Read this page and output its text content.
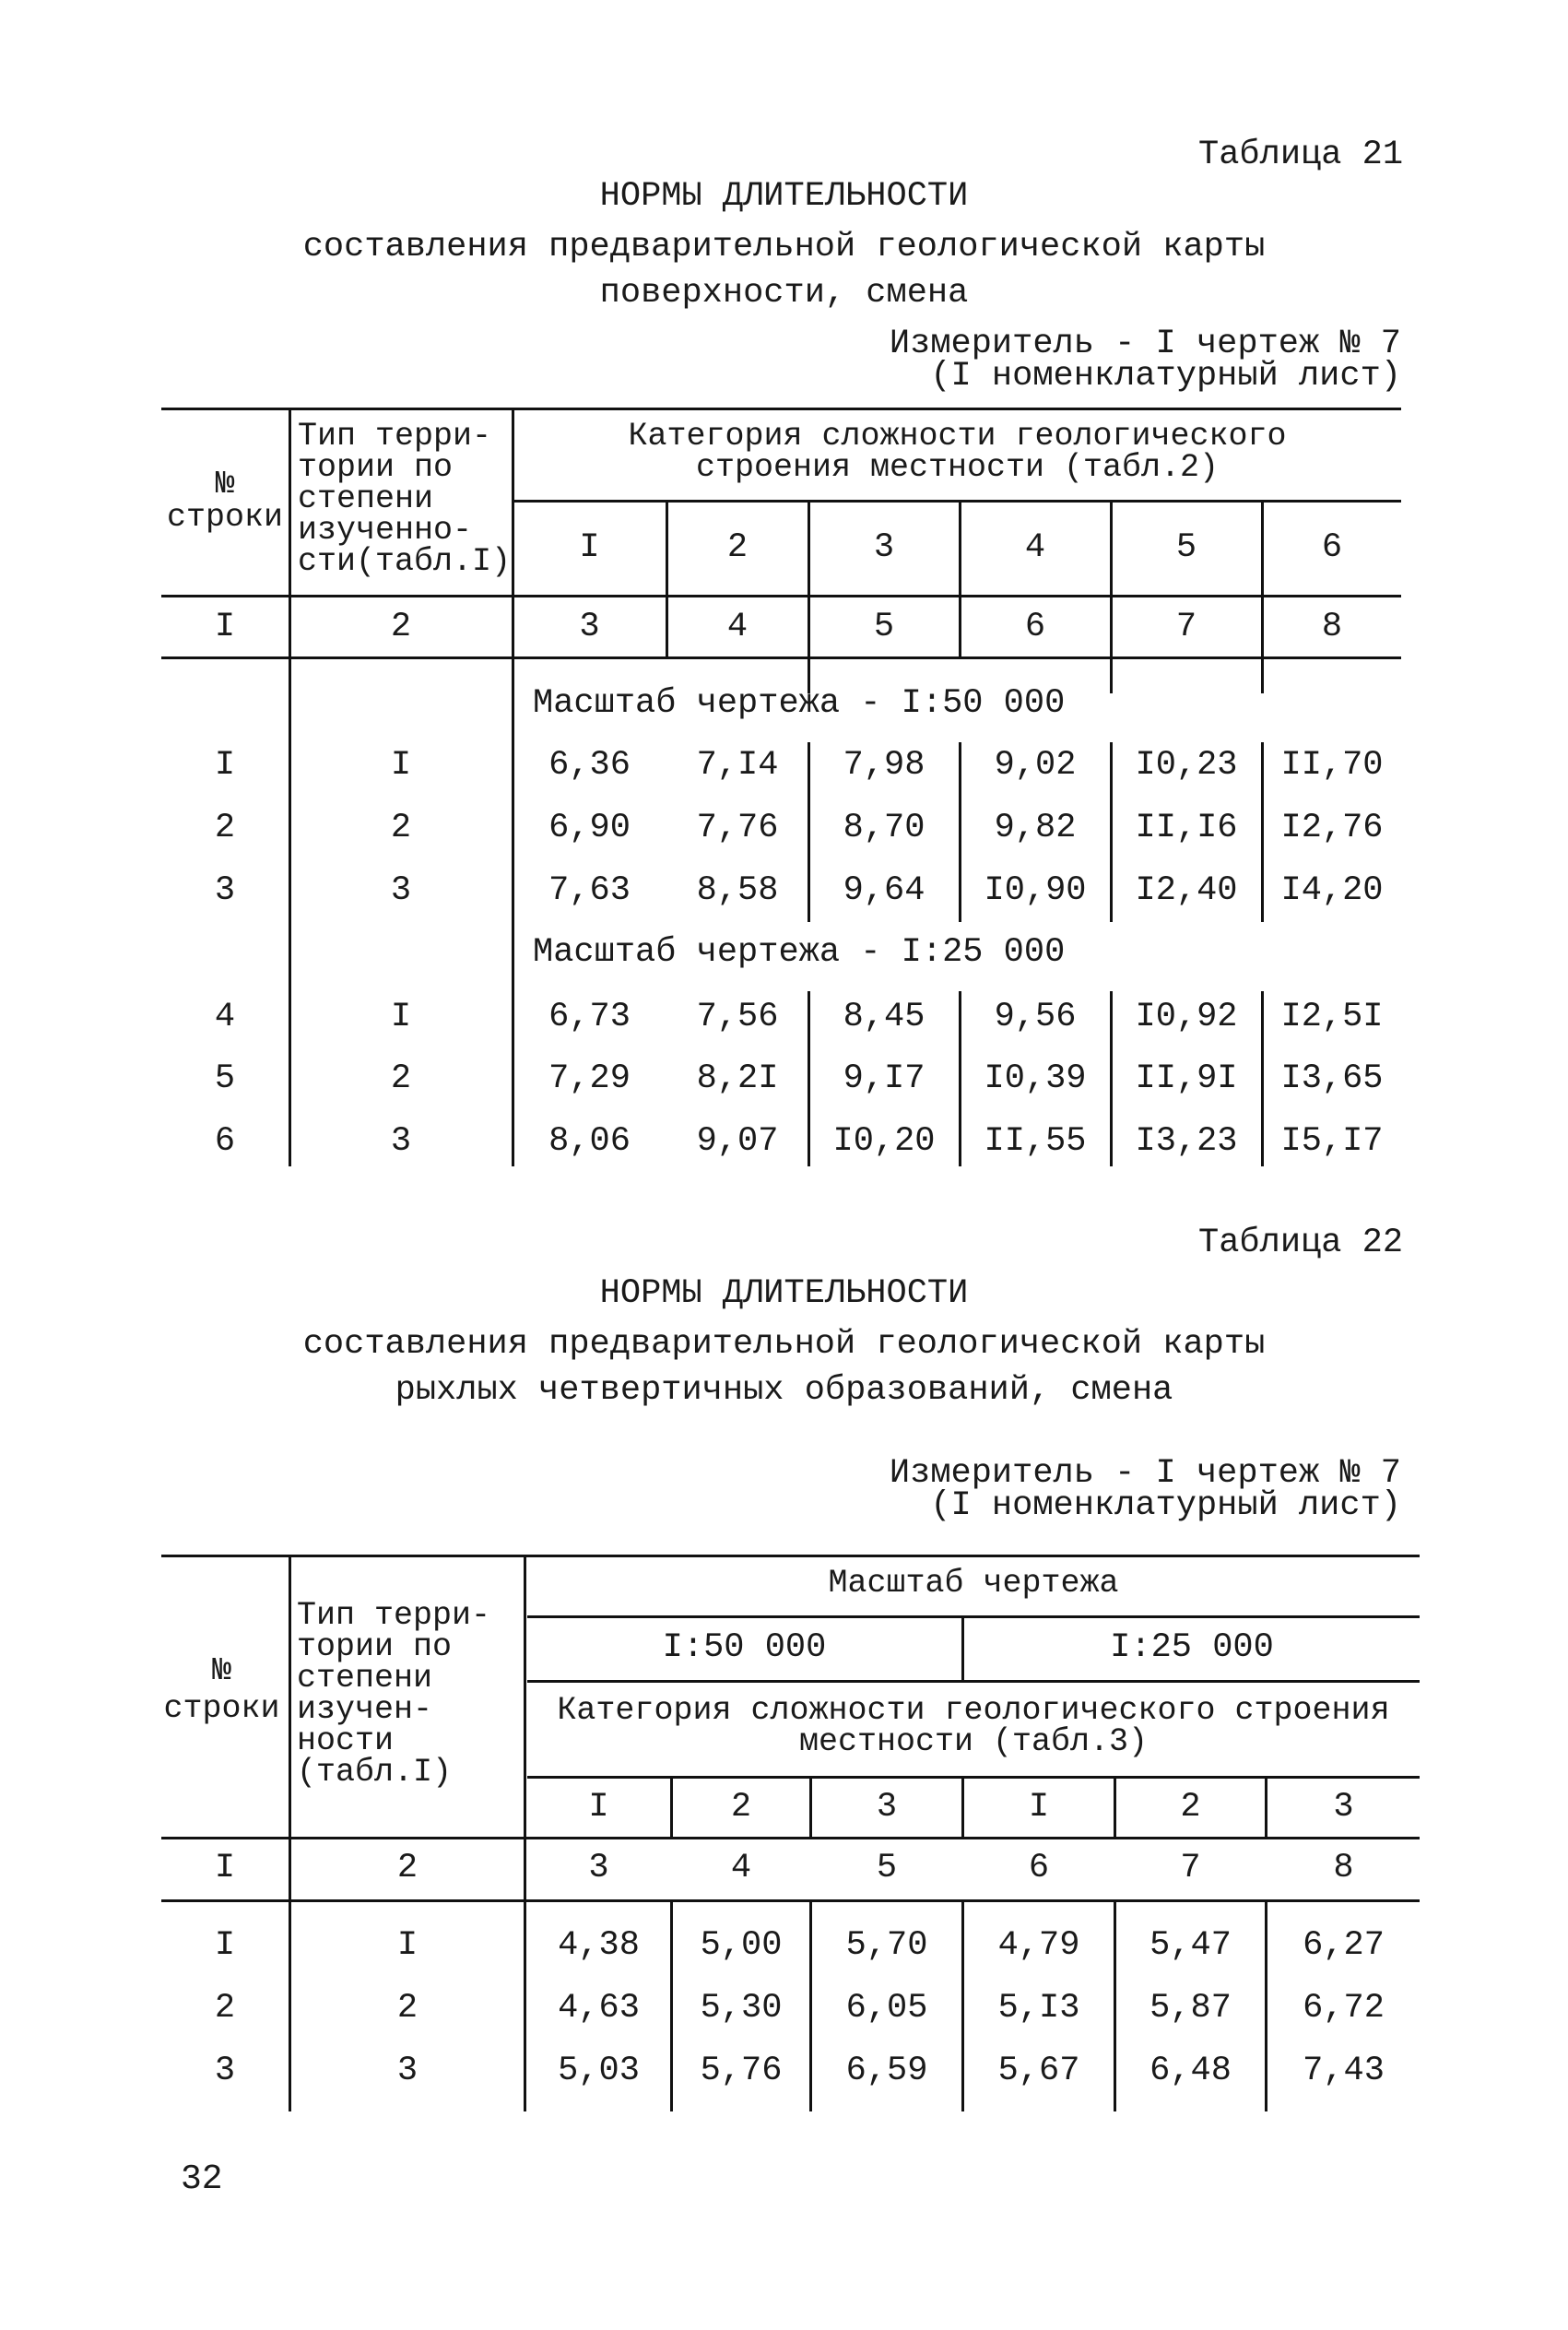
Таблица 21
НОРМЫ ДЛИТЕЛЬНОСТИ
составления предварительной геологической карты
поверхности, смена
Измеритель - I чертеж № 7
(I номенклатурный лист)
№
строки
Тип терри-
тории по
степени
изученно-
сти(табл.I)
Категория сложности геологического
строения местности (табл.2)
I	2	3	4	5	6
I	2	3	4	5	6	7	8
Масштаб чертежа - I:50 000
I	I	6,36	7,I4	7,98	9,02	I0,23	II,70
2	2	6,90	7,76	8,70	9,82	II,I6	I2,76
3	3	7,63	8,58	9,64	I0,90	I2,40	I4,20
Масштаб чертежа - I:25 000
4	I	6,73	7,56	8,45	9,56	I0,92	I2,5I
5	2	7,29	8,2I	9,I7	I0,39	II,9I	I3,65
6	3	8,06	9,07	I0,20	II,55	I3,23	I5,I7
Таблица 22
НОРМЫ ДЛИТЕЛЬНОСТИ
составления предварительной геологической карты
рыхлых четвертичных образований, смена
Измеритель - I чертеж № 7
(I номенклатурный лист)
№
строки
Тип терри-
тории по
степени
изучен-
ности
(табл.I)
Масштаб чертежа
I:50 000	I:25 000
Категория сложности геологического строения
местности (табл.3)
I	2	3	I	2	3
I	2	3	4	5	6	7	8
I	I	4,38	5,00	5,70	4,79	5,47	6,27
2	2	4,63	5,30	6,05	5,I3	5,87	6,72
3	3	5,03	5,76	6,59	5,67	6,48	7,43
32
